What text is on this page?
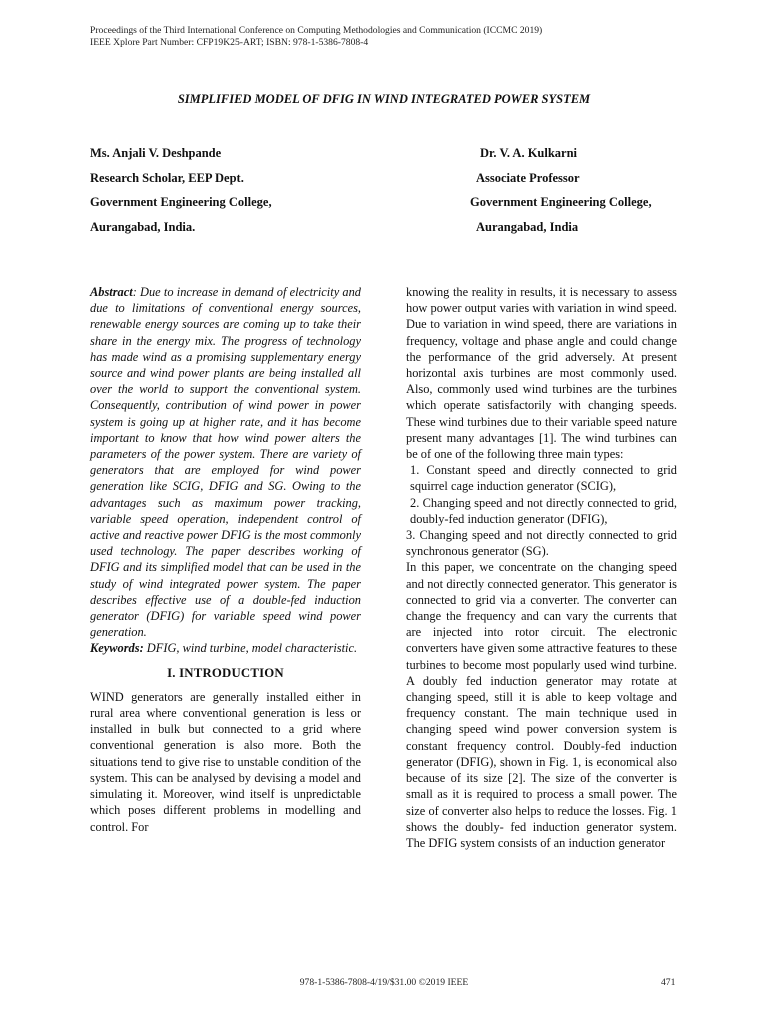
Proceedings of the Third International Conference on Computing Methodologies and Communication (ICCMC 2019)
IEEE Xplore Part Number: CFP19K25-ART; ISBN: 978-1-5386-7808-4
SIMPLIFIED MODEL OF DFIG IN WIND INTEGRATED POWER SYSTEM
Ms. Anjali V. Deshpande
Research Scholar, EEP Dept.
Government Engineering College,
Aurangabad, India.
Dr. V. A. Kulkarni
Associate Professor
Government Engineering College,
Aurangabad, India

Abstract: Due to increase in demand of electricity and due to limitations of conventional energy sources, renewable energy sources are coming up to take their share in the energy mix. The progress of technology has made wind as a promising supplementary energy source and wind power plants are being installed all over the world to support the conventional system. Consequently, contribution of wind power in power system is going up at higher rate, and it has become important to know that how wind power alters the parameters of the power system. There are variety of generators that are employed for wind power generation like SCIG, DFIG and SG. Owing to the advantages such as maximum power tracking, variable speed operation, independent control of active and reactive power DFIG is the most commonly used technology. The paper describes working of DFIG and its simplified model that can be used in the study of wind integrated power system. The paper describes effective use of a double-fed induction generator (DFIG) for variable speed wind power generation.

Keywords: DFIG, wind turbine, model characteristic.

I. INTRODUCTION

WIND generators are generally installed either in rural area where conventional generation is less or installed in bulk but connected to a grid where conventional generation is also more. Both the situations tend to give rise to unstable condition of the system. This can be analysed by devising a model and simulating it. Moreover, wind itself is unpredictable which poses different problems in modelling and control. For

knowing the reality in results, it is necessary to assess how power output varies with variation in wind speed. Due to variation in wind speed, there are variations in frequency, voltage and phase angle and could change the performance of the grid adversely. At present horizontal axis turbines are most commonly used. Also, commonly used wind turbines are the turbines which operate satisfactorily with changing speeds. These wind turbines due to their variable speed nature present many advantages [1]. The wind turbines can be of one of the following three main types:

1. Constant speed and directly connected to grid squirrel cage induction generator (SCIG),

2. Changing speed and not directly connected to grid, doubly-fed induction generator (DFIG),

3. Changing speed and not directly connected to grid synchronous generator (SG).

In this paper, we concentrate on the changing speed and not directly connected generator. This generator is connected to grid via a converter. The converter can change the frequency and can vary the currents that are injected into rotor circuit. The electronic converters have given some attractive features to these turbines to become most popularly used wind turbine. A doubly fed induction generator may rotate at changing speed, still it is able to keep voltage and frequency constant. The main technique used in changing speed wind power conversion system is constant frequency control. Doubly-fed induction generator (DFIG), shown in Fig. 1, is economical also because of its size [2]. The size of the converter is small as it is required to process a small power. The size of converter also helps to reduce the losses. Fig. 1 shows the doubly- fed induction generator system. The DFIG system consists of an induction generator

978-1-5386-7808-4/19/$31.00 ©2019 IEEE	471
